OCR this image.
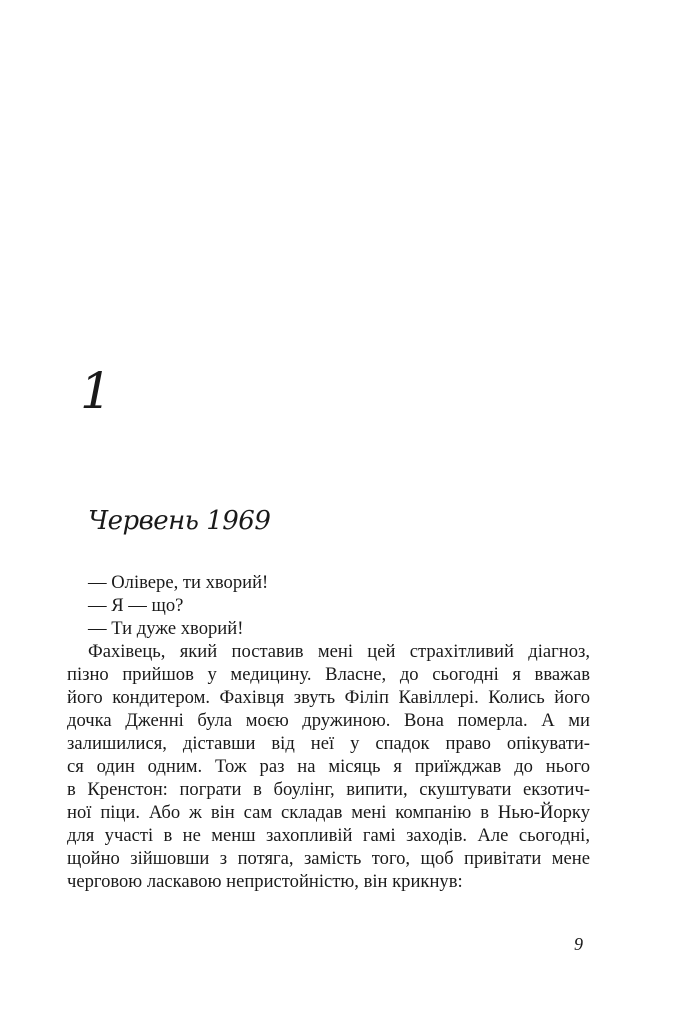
1
Червень 1969
— Олівере, ти хворий!
— Я — що?
— Ти дуже хворий!
Фахівець, який поставив мені цей страхітливий діагноз,
пізно прийшов у медицину. Власне, до сьогодні я вважав
його кондитером. Фахівця звуть Філіп Кавіллері. Колись його
дочка Дженні була моєю дружиною. Вона померла. А ми
залишилися, діставши від неї у спадок право опікувати-
ся один одним. Тож раз на місяць я приїжджав до нього
в Кренстон: пограти в боулінг, випити, скуштувати екзотич-
ної піци. Або ж він сам складав мені компанію в Нью-Йорку
для участі в не менш захопливій гамі заходів. Але сьогодні,
щойно зійшовши з потяга, замість того, щоб привітати мене
черговою ласкавою непристойністю, він крикнув:
9
